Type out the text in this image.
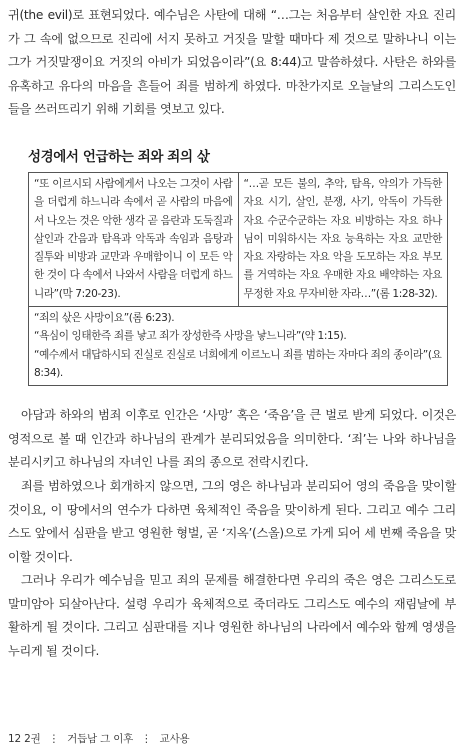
귀(the evil)로 표현되었다. 예수님은 사탄에 대해 “…그는 처음부터 살인한 자요 진리가 그 속에 없으므로 진리에 서지 못하고 거짓을 말할 때마다 제 것으로 말하나니 이는 그가 거짓말쟁이요 거짓의 아비가 되었음이라”(요 8:44)고 말씀하셨다. 사탄은 하와를 유혹하고 유다의 마음을 흔들어 죄를 범하게 하였다. 마찬가지로 오늘날의 그리스도인들을 쓰러뜨리기 위해 기회를 엿보고 있다.

성경에서 언급하는 죄와 죄의 삯
“또 이르시되 사람에게서 나오는 그것이 사람을 더럽게 하느니라 속에서 곧 사람의 마음에서 나오는 것은 악한 생각 곧 음란과 도둑질과 살인과 간음과 탐욕과 악독과 속임과 음탕과 질투와 비방과 교만과 우매함이니 이 모든 악한 것이 다 속에서 나와서 사람을 더럽게 하느니라”(막 7:20-23).	“…곧 모든 불의, 추악, 탐욕, 악의가 가득한 자요 시기, 살인, 분쟁, 사기, 악독이 가득한 자요 수군수군하는 자요 비방하는 자요 하나님이 미워하시는 자요 능욕하는 자요 교만한 자요 자랑하는 자요 악을 도모하는 자요 부모를 거역하는 자요 우매한 자요 배약하는 자요 무정한 자요 무자비한 자라…”(롬 1:28-32).

“죄의 삯은 사망이요”(롬 6:23).
“욕심이 잉태한즉 죄를 낳고 죄가 장성한즉 사망을 낳느니라”(약 1:15).
“예수께서 대답하시되 진실로 진실로 너희에게 이르노니 죄를 범하는 자마다 죄의 종이라”(요 8:34).

아담과 하와의 범죄 이후로 인간은 ‘사망’ 혹은 ‘죽음’을 큰 벌로 받게 되었다. 이것은 영적으로 볼 때 인간과 하나님의 관계가 분리되었음을 의미한다. ‘죄’는 나와 하나님을 분리시키고 하나님의 자녀인 나를 죄의 종으로 전락시킨다.

죄를 범하였으나 회개하지 않으면, 그의 영은 하나님과 분리되어 영의 죽음을 맞이할 것이요, 이 땅에서의 연수가 다하면 육체적인 죽음을 맞이하게 된다. 그리고 예수 그리스도 앞에서 심판을 받고 영원한 형벌, 곧 ‘지옥’(스올)으로 가게 되어 세 번째 죽음을 맞이할 것이다.

그러나 우리가 예수님을 믿고 죄의 문제를 해결한다면 우리의 죽은 영은 그리스도로 말미암아 되살아난다. 설령 우리가 육체적으로 죽더라도 그리스도 예수의 재림날에 부활하게 될 것이다. 그리고 심판대를 지나 영원한 하나님의 나라에서 예수와 함께 영생을 누리게 될 것이다.

12 2권 ⋮ 거듭남 그 이후 ⋮ 교사용
